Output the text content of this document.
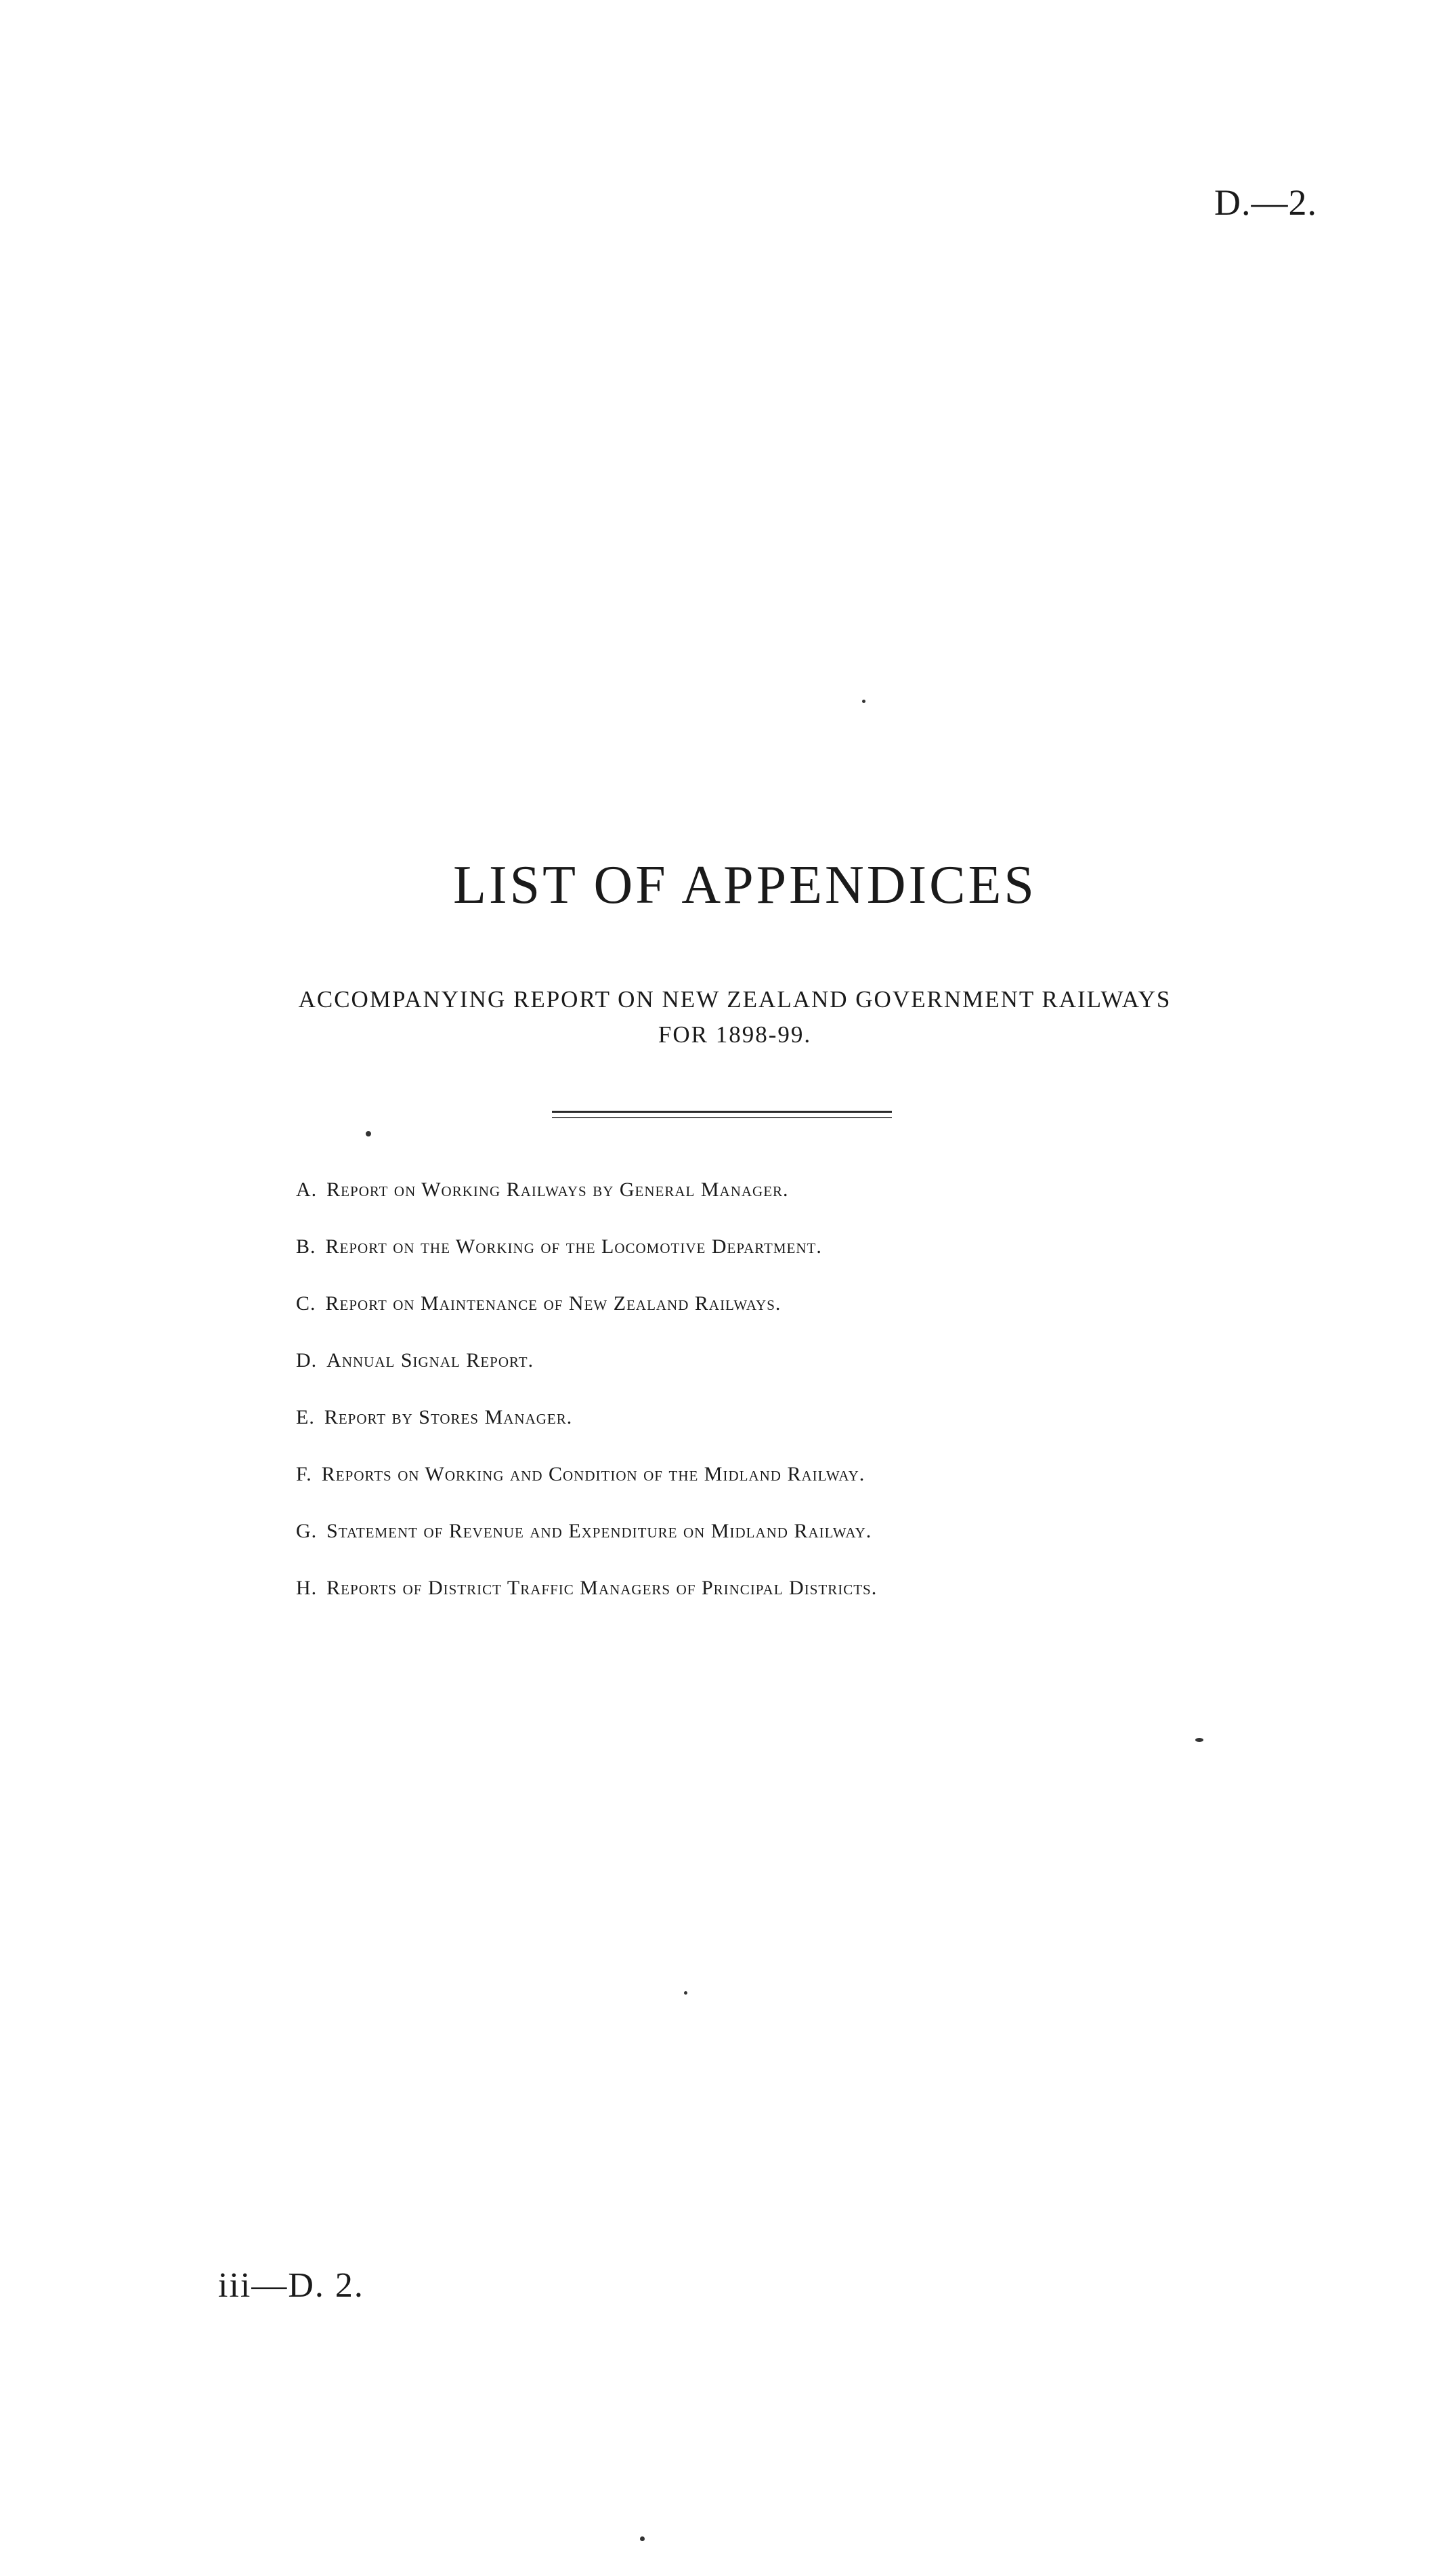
D.—2.
LIST OF APPENDICES
ACCOMPANYING REPORT ON NEW ZEALAND GOVERNMENT RAILWAYS
FOR 1898-99.
A. Report on Working Railways by General Manager.
B. Report on the Working of the Locomotive Department.
C. Report on Maintenance of New Zealand Railways.
D. Annual Signal Report.
E. Report by Stores Manager.
F. Reports on Working and Condition of the Midland Railway.
G. Statement of Revenue and Expenditure on Midland Railway.
H. Reports of District Traffic Managers of Principal Districts.
iii—D. 2.
